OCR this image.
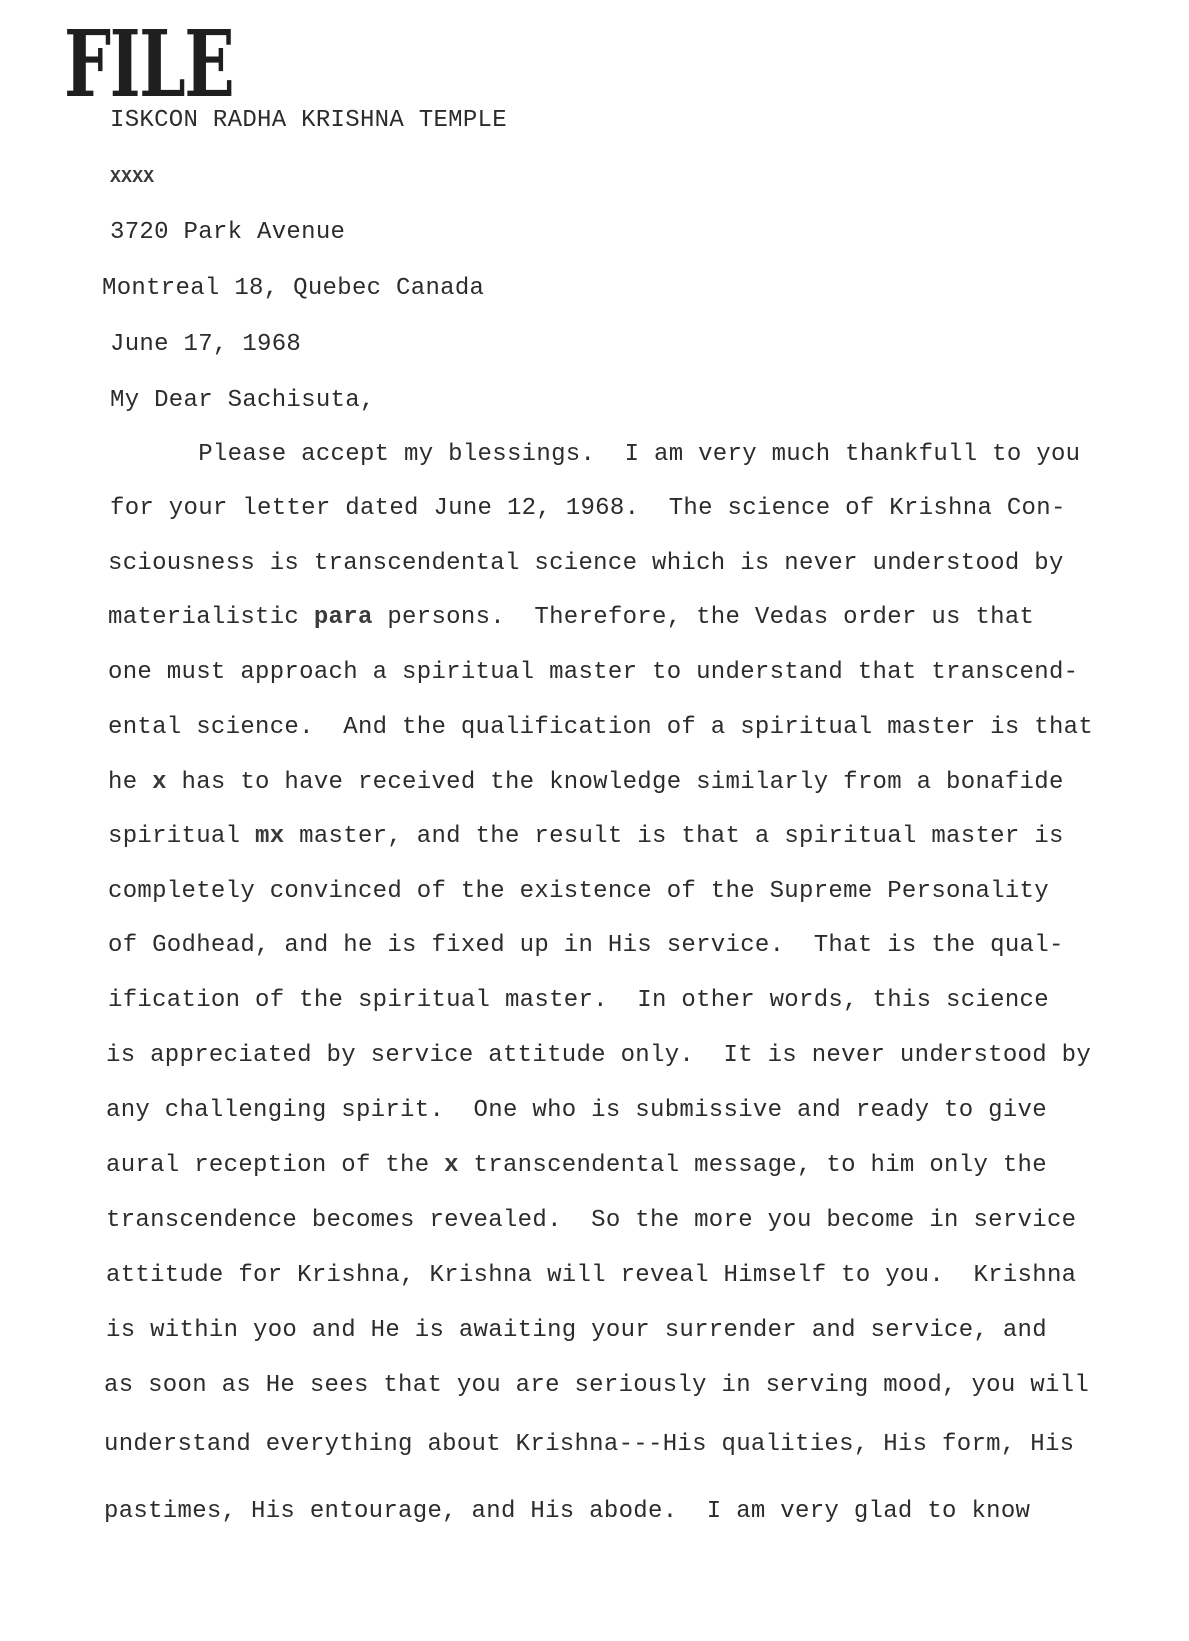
FILE
ISKCON RADHA KRISHNA TEMPLE
XXXX
3720 Park Avenue
Montreal 18, Quebec Canada
June 17, 1968
My Dear Sachisuta,
Please accept my blessings.  I am very much thankfull to you
for your letter dated June 12, 1968.  The science of Krishna Con-
sciousness is transcendental science which is never understood by
materialistic para persons.  Therefore, the Vedas order us that
one must approach a spiritual master to understand that transcend-
ental science.  And the qualification of a spiritual master is that
he x has to have received the knowledge similarly from a bonafide
spiritual mx master, and the result is that a spiritual master is
completely convinced of the existence of the Supreme Personality
of Godhead, and he is fixed up in His service.  That is the qual-
ification of the spiritual master.  In other words, this science
is appreciated by service attitude only.  It is never understood by
any challenging spirit.  One who is submissive and ready to give
aural reception of the x transcendental message, to him only the
transcendence becomes revealed.  So the more you become in service
attitude for Krishna, Krishna will reveal Himself to you.  Krishna
is within yoo and He is awaiting your surrender and service, and
as soon as He sees that you are seriously in serving mood, you will
understand everything about Krishna---His qualities, His form, His
pastimes, His entourage, and His abode.  I am very glad to know
